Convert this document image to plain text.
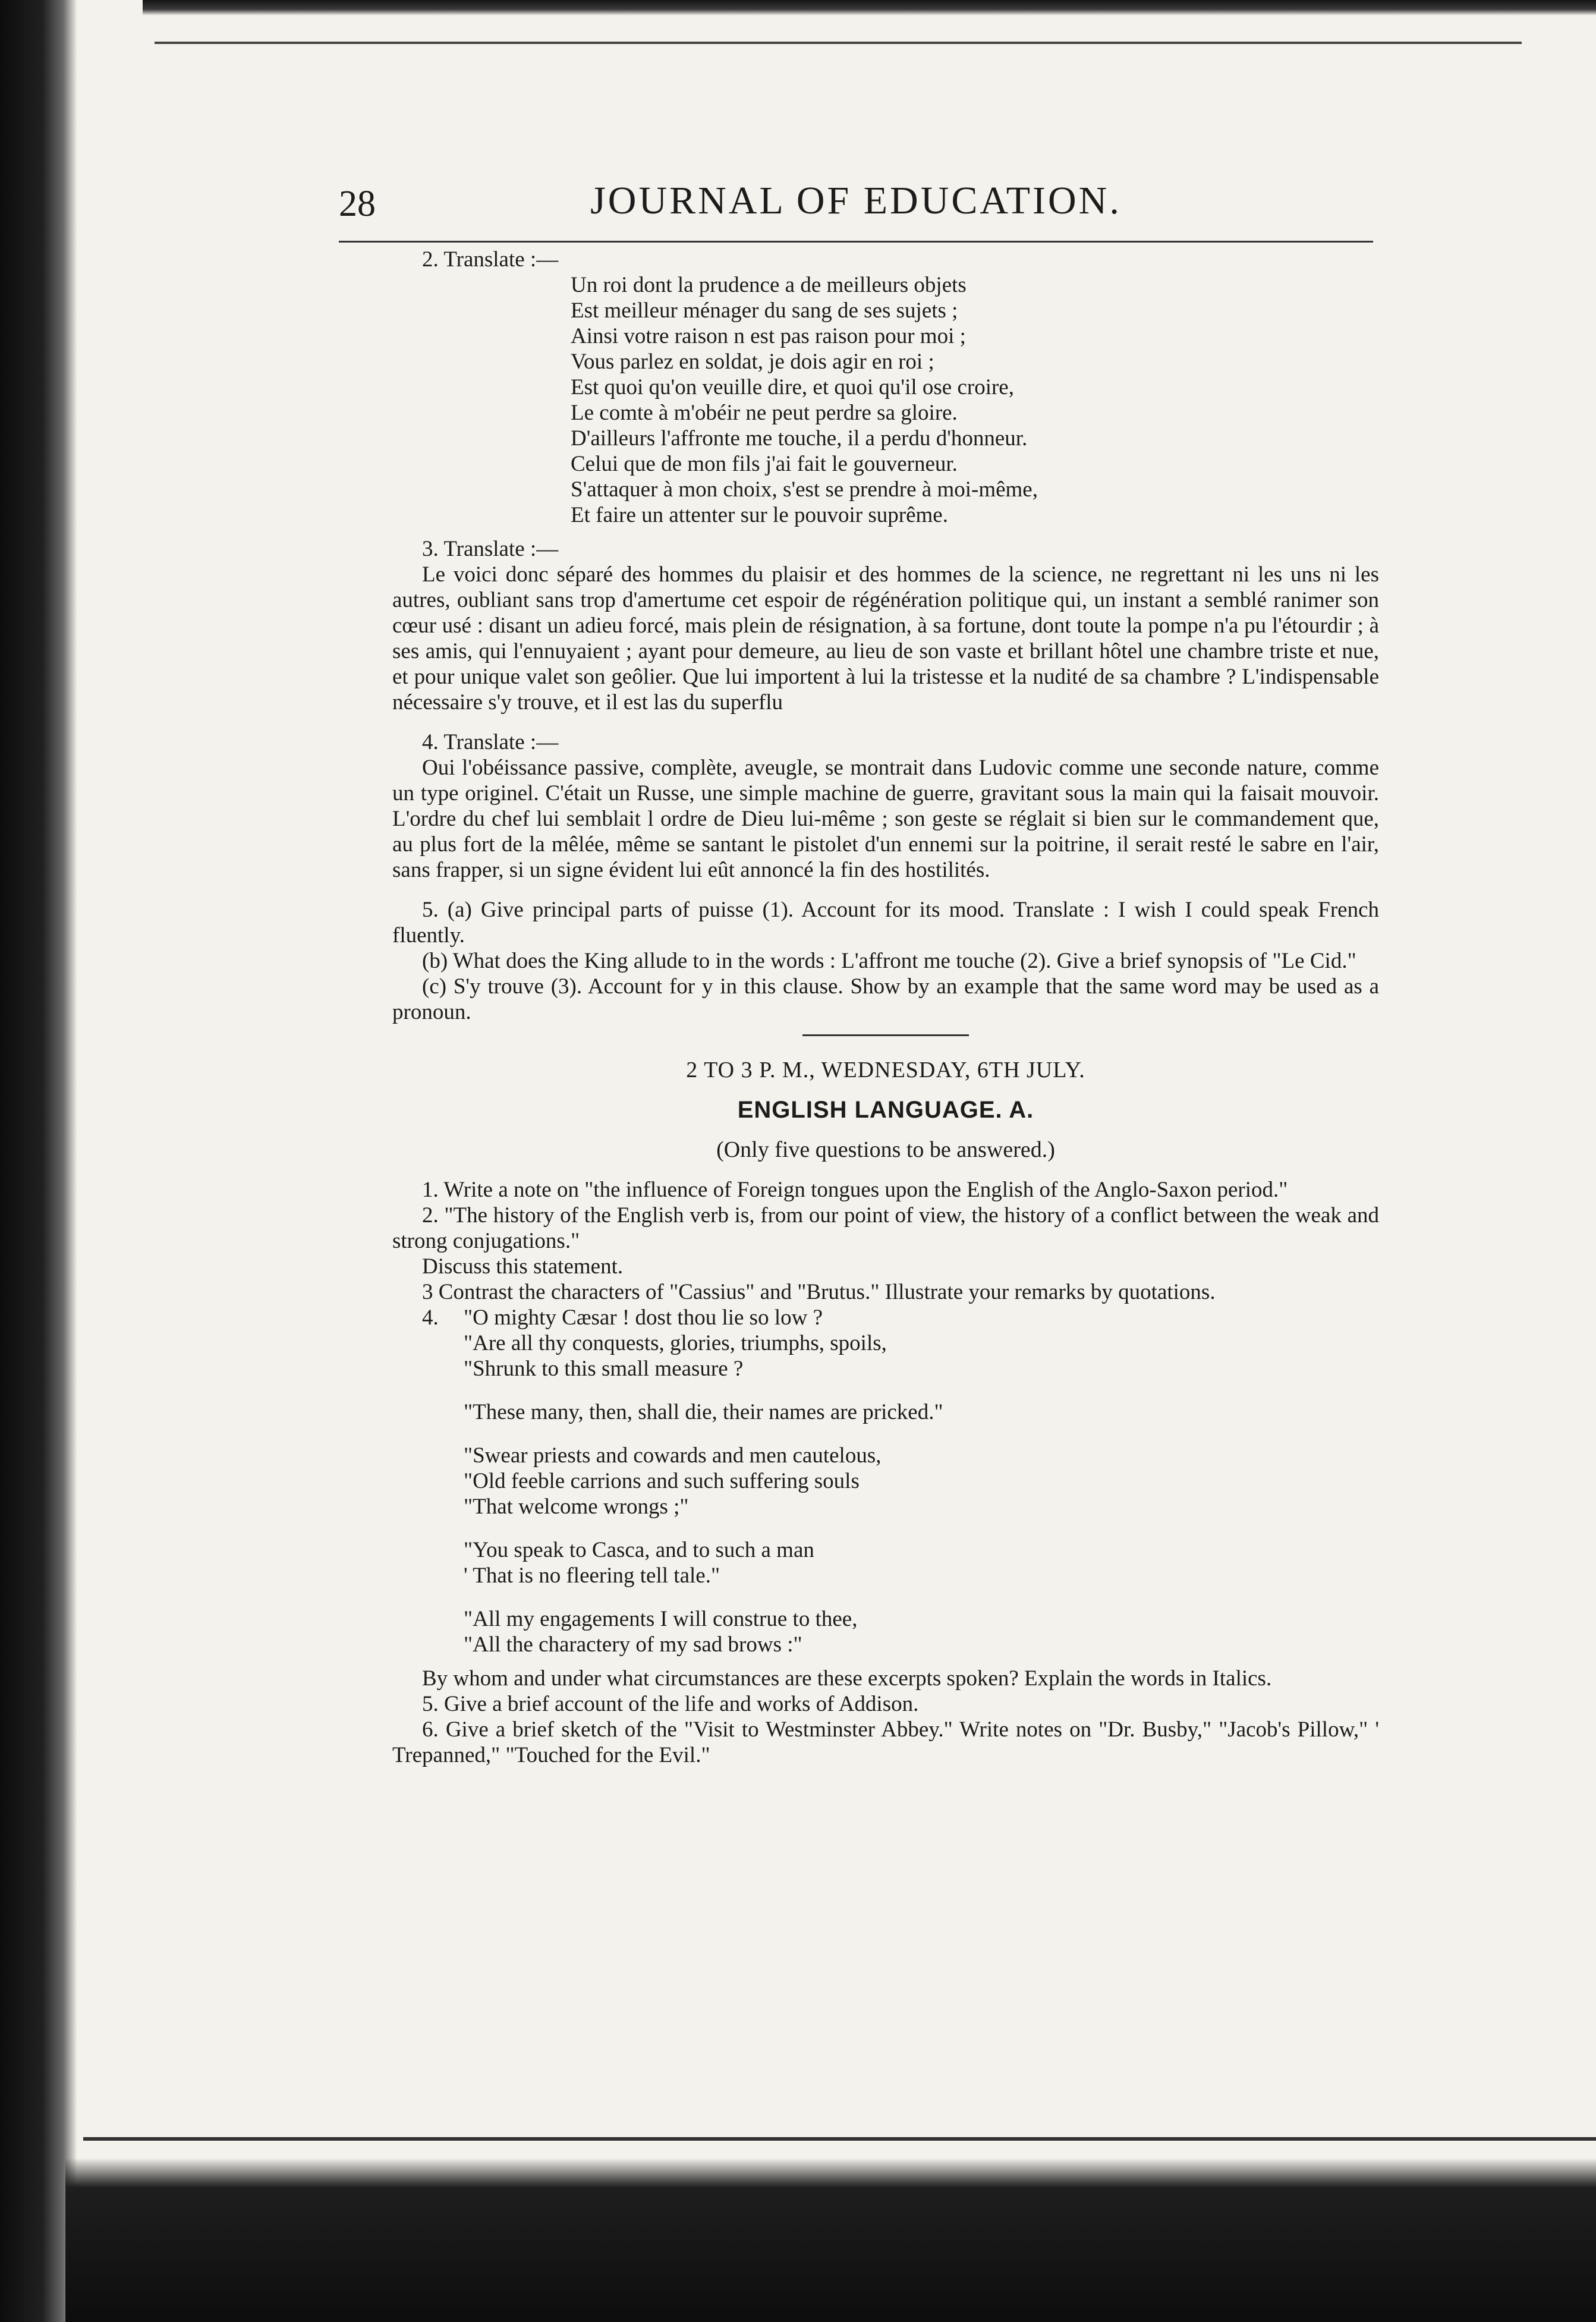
28	JOURNAL OF EDUCATION.

2. Translate :—

Un roi dont la prudence a de meilleurs objets
Est meilleur ménager du sang de ses sujets ;
Ainsi votre raison n est pas raison pour moi ;
Vous parlez en soldat, je dois agir en roi ;
Est quoi qu'on veuille dire, et quoi qu'il ose croire,
Le comte à m'obéir ne peut perdre sa gloire.
D'ailleurs l'affronte me touche, il a perdu d'honneur.
Celui que de mon fils j'ai fait le gouverneur.
S'attaquer à mon choix, s'est se prendre à moi-même,
Et faire un attenter sur le pouvoir suprême.

3. Translate :—

Le voici donc séparé des hommes du plaisir et des hommes de la science, ne regrettant ni les uns ni les autres, oubliant sans trop d'amertume cet espoir de régénération politique qui, un instant a semblé ranimer son cœur usé : disant un adieu forcé, mais plein de résignation, à sa fortune, dont toute la pompe n'a pu l'étourdir ; à ses amis, qui l'ennuyaient ; ayant pour demeure, au lieu de son vaste et brillant hôtel une chambre triste et nue, et pour unique valet son geôlier. Que lui importent à lui la tristesse et la nudité de sa chambre ? L'indispensable nécessaire s'y trouve, et il est las du superflu

4. Translate :—

Oui l'obéissance passive, complète, aveugle, se montrait dans Ludovic comme une seconde nature, comme un type originel. C'était un Russe, une simple machine de guerre, gravitant sous la main qui la faisait mouvoir. L'ordre du chef lui semblait l ordre de Dieu lui-même ; son geste se réglait si bien sur le commandement que, au plus fort de la mêlée, même se santant le pistolet d'un ennemi sur la poitrine, il serait resté le sabre en l'air, sans frapper, si un signe évident lui eût annoncé la fin des hostilités.

5. (a) Give principal parts of puisse (1). Account for its mood. Translate : I wish I could speak French fluently.

(b) What does the King allude to in the words : L'affront me touche (2). Give a brief synopsis of "Le Cid."

(c) S'y trouve (3). Account for y in this clause. Show by an example that the same word may be used as a pronoun.

2 TO 3 P. M., WEDNESDAY, 6TH JULY.

ENGLISH LANGUAGE. A.

(Only five questions to be answered.)

1. Write a note on "the influence of Foreign tongues upon the English of the Anglo-Saxon period."

2. "The history of the English verb is, from our point of view, the history of a conflict between the weak and strong conjugations."

Discuss this statement.

3 Contrast the characters of "Cassius" and "Brutus." Illustrate your remarks by quotations.

4.	"O mighty Cæsar ! dost thou lie so low ?
"Are all thy conquests, glories, triumphs, spoils,
"Shrunk to this small measure ?
"These many, then, shall die, their names are pricked."
"Swear priests and cowards and men cautelous,
"Old feeble carrions and such suffering souls
"That welcome wrongs ;"
"You speak to Casca, and to such a man
' That is no fleering tell tale."
"All my engagements I will construe to thee,
"All the charactery of my sad brows :"

By whom and under what circumstances are these excerpts spoken? Explain the words in Italics.

5. Give a brief account of the life and works of Addison.

6. Give a brief sketch of the "Visit to Westminster Abbey." Write notes on "Dr. Busby," "Jacob's Pillow," ' Trepanned," "Touched for the Evil."
